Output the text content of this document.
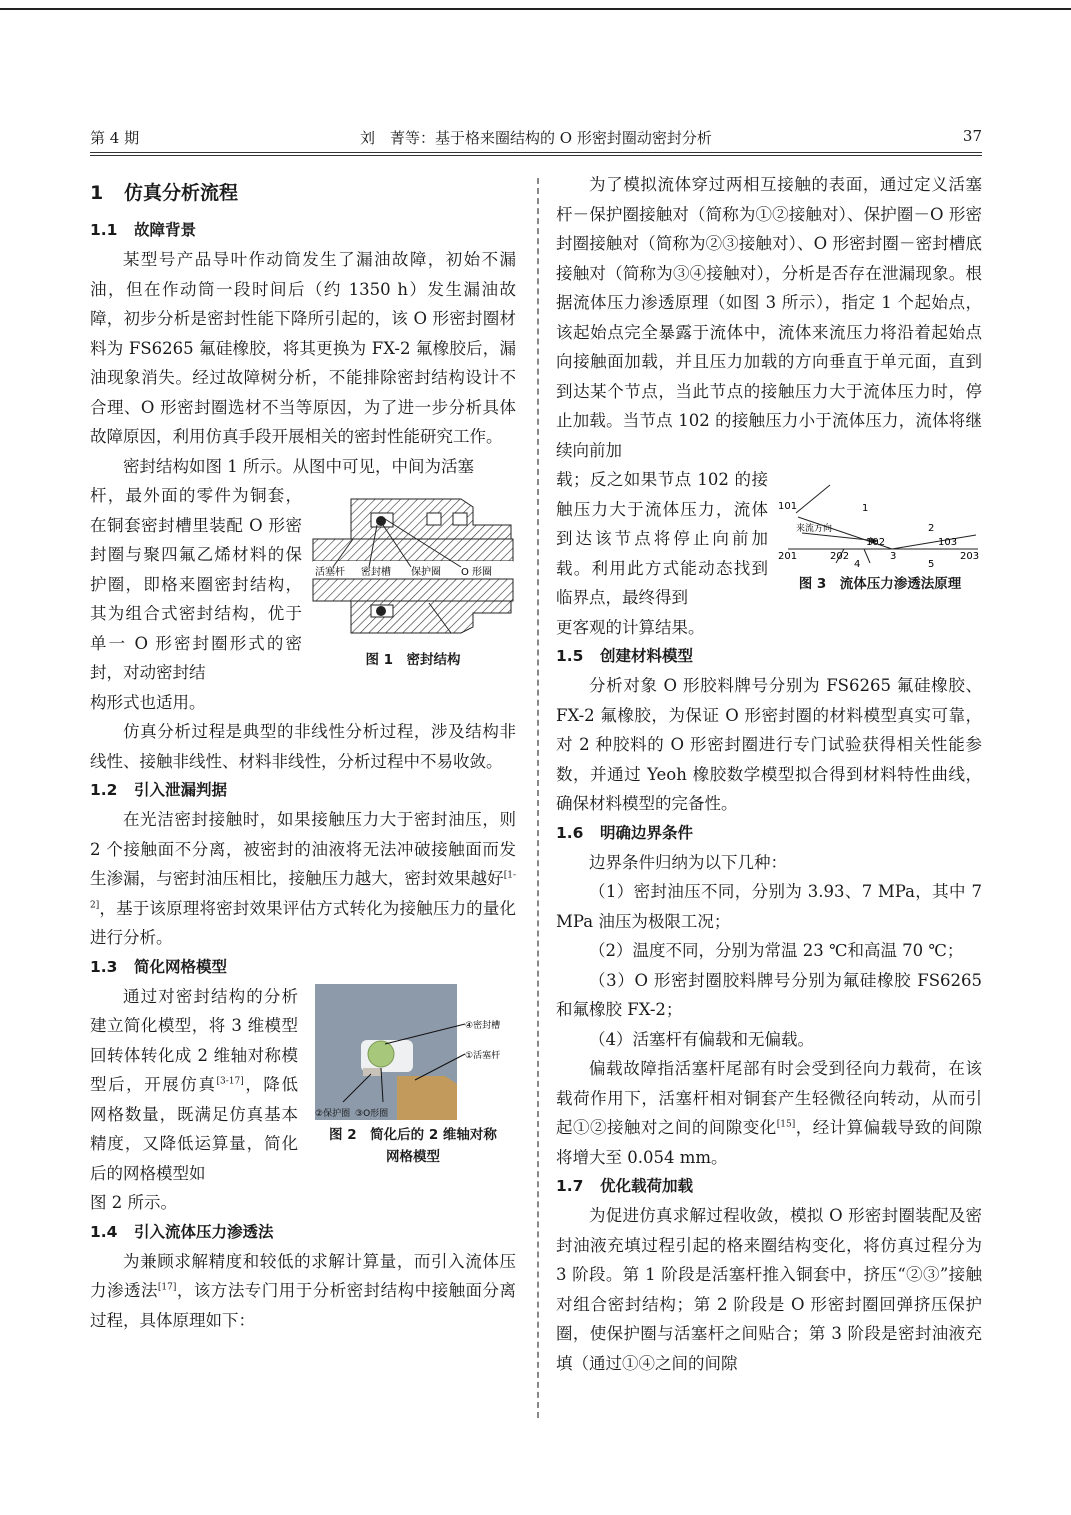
第 4 期	刘　菁等：基于格来圈结构的 O 形密封圈动密封分析	37
1 仿真分析流程
1.1 故障背景

某型号产品导叶作动筒发生了漏油故障，初始不漏油，但在作动筒一段时间后（约 1350 h）发生漏油故障，初步分析是密封性能下降所引起的，该 O 形密封圈材料为 FS6265 氟硅橡胶，将其更换为 FX-2 氟橡胶后，漏油现象消失。经过故障树分析，不能排除密封结构设计不合理、O 形密封圈选材不当等原因，为了进一步分析具体故障原因，利用仿真手段开展相关的密封性能研究工作。

密封结构如图 1 所示。从图中可见，中间为活塞

杆，最外面的零件为铜套，在铜套密封槽里装配 O 形密封圈与聚四氟乙烯材料的保护圈，即格来圈密封结构，其为组合式密封结构，优于单一 O 形密封圈形式的密封，对动密封结
活塞杆 密封槽 保护圈 O 形圈
图 1　密封结构

构形式也适用。

仿真分析过程是典型的非线性分析过程，涉及结构非线性、接触非线性、材料非线性，分析过程中不易收敛。

1.2 引入泄漏判据

在光洁密封接触时，如果接触压力大于密封油压，则 2 个接触面不分离，被密封的油液将无法冲破接触面而发生渗漏，与密封油压相比，接触压力越大，密封效果越好[1-2]，基于该原理将密封效果评估方式转化为接触压力的量化进行分析。

1.3 简化网格模型
通过对密封结构的分析建立简化模型，将 3 维模型回转体转化成 2 维轴对称模型后，开展仿真[3-17]，降低网格数量，既满足仿真基本精度，又降低运算量，简化后的网格模型如
④密封槽
①活塞杆
②保护圈 ③O形圈
图 2　简化后的 2 维轴对称
网格模型

图 2 所示。

1.4 引入流体压力渗透法

为兼顾求解精度和较低的求解计算量，而引入流体压力渗透法[17]，该方法专门用于分析密封结构中接触面分离过程，具体原理如下：

为了模拟流体穿过两相互接触的表面，通过定义活塞杆－保护圈接触对（简称为①②接触对）、保护圈－O 形密封圈接触对（简称为②③接触对）、O 形密封圈－密封槽底接触对（简称为③④接触对），分析是否存在泄漏现象。根据流体压力渗透原理（如图 3 所示），指定 1 个起始点，该起始点完全暴露于流体中，流体来流压力将沿着起始点向接触面加载，并且压力加载的方向垂直于单元面，直到到达某个节点，当此节点的接触压力大于流体压力时，停止加载。当节点 102 的接触压力小于流体压力，流体将继续向前加

载；反之如果节点 102 的接触压力大于流体压力，流体到达该节点将停止向前加载。利用此方式能动态找到临界点，最终得到
101
102	103
201	202	203
1
2
3
4	5
来流方向
图 3　流体压力渗透法原理

更客观的计算结果。

1.5 创建材料模型

分析对象 O 形胶料牌号分别为 FS6265 氟硅橡胶、FX-2 氟橡胶，为保证 O 形密封圈的材料模型真实可靠，对 2 种胶料的 O 形密封圈进行专门试验获得相关性能参数，并通过 Yeoh 橡胶数学模型拟合得到材料特性曲线，确保材料模型的完备性。

1.6 明确边界条件

边界条件归纳为以下几种：

（1）密封油压不同，分别为 3.93、7 MPa，其中 7 MPa 油压为极限工况；

（2）温度不同，分别为常温 23 ℃和高温 70 ℃；

（3）O 形密封圈胶料牌号分别为氟硅橡胶 FS6265 和氟橡胶 FX-2；

（4）活塞杆有偏载和无偏载。

偏载故障指活塞杆尾部有时会受到径向力载荷，在该载荷作用下，活塞杆相对铜套产生轻微径向转动，从而引起①②接触对之间的间隙变化[15]，经计算偏载导致的间隙将增大至 0.054 mm。

1.7 优化载荷加载

为促进仿真求解过程收敛，模拟 O 形密封圈装配及密封油液充填过程引起的格来圈结构变化，将仿真过程分为 3 阶段。第 1 阶段是活塞杆推入铜套中，挤压“②③”接触对组合密封结构；第 2 阶段是 O 形密封圈回弹挤压保护圈，使保护圈与活塞杆之间贴合；第 3 阶段是密封油液充填（通过①④之间的间隙
